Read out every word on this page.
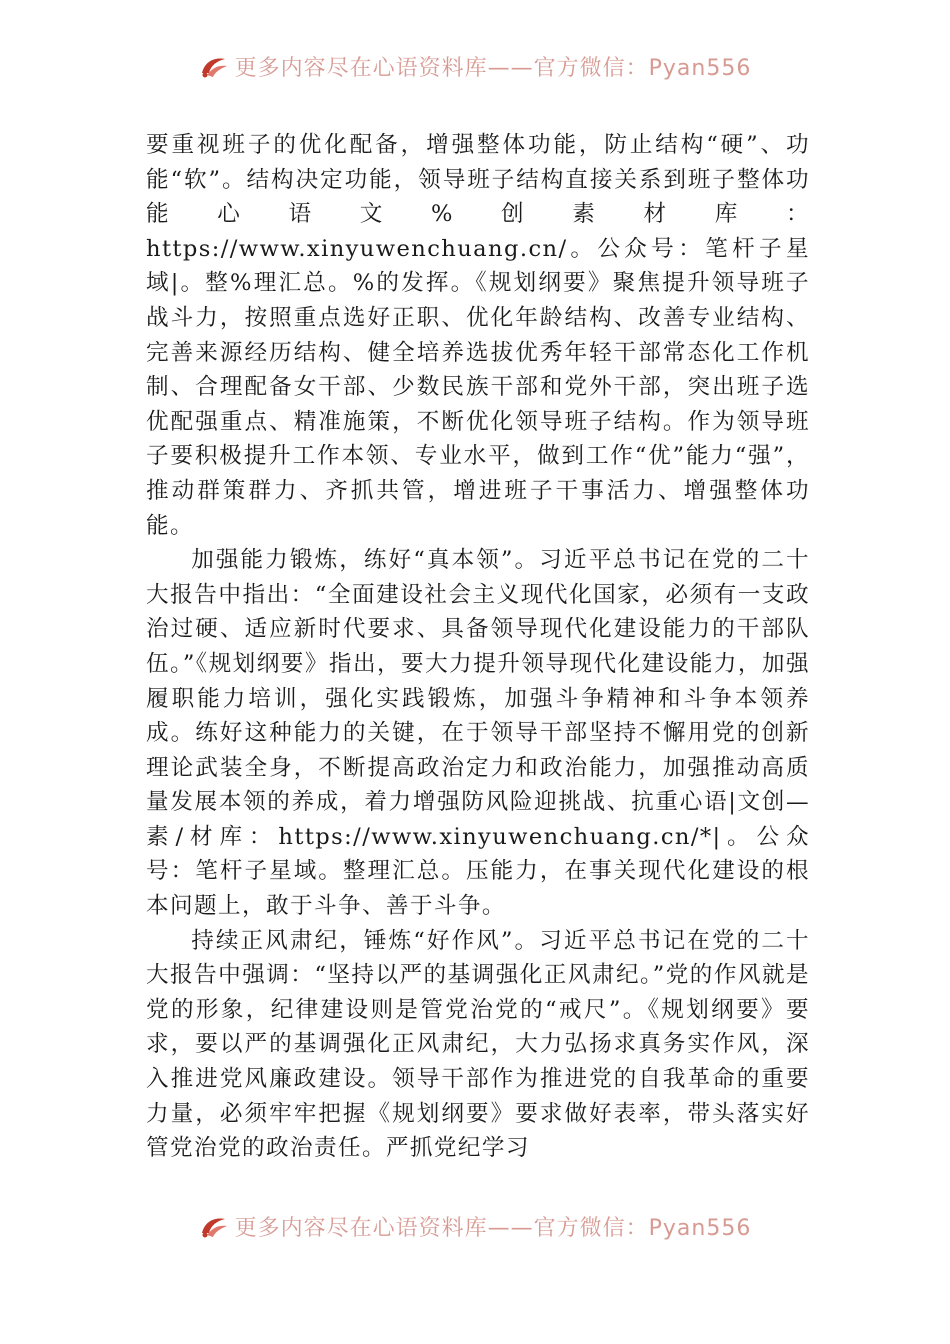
更多内容尽在心语资料库——官方微信：Pyan556

要重视班子的优化配备，增强整体功能，防止结构“硬”、功能“软”。结构决定功能，领导班子结构直接关系到班子整体功能心语文%创素材库：https://www.xinyuwenchuang.cn/。公众号：笔杆子星域|。整%理汇总。%的发挥。《规划纲要》聚焦提升领导班子战斗力，按照重点选好正职、优化年龄结构、改善专业结构、完善来源经历结构、健全培养选拔优秀年轻干部常态化工作机制、合理配备女干部、少数民族干部和党外干部，突出班子选优配强重点、精准施策，不断优化领导班子结构。作为领导班子要积极提升工作本领、专业水平，做到工作“优”能力“强”，推动群策群力、齐抓共管，增进班子干事活力、增强整体功能。

加强能力锻炼，练好“真本领”。习近平总书记在党的二十大报告中指出：“全面建设社会主义现代化国家，必须有一支政治过硬、适应新时代要求、具备领导现代化建设能力的干部队伍。”《规划纲要》指出，要大力提升领导现代化建设能力，加强履职能力培训，强化实践锻炼，加强斗争精神和斗争本领养成。练好这种能力的关键，在于领导干部坚持不懈用党的创新理论武装全身，不断提高政治定力和政治能力，加强推动高质量发展本领的养成，着力增强防风险迎挑战、抗重心语|文创—素/材库：https://www.xinyuwenchuang.cn/*|。公众号：笔杆子星域。整理汇总。压能力，在事关现代化建设的根本问题上，敢于斗争、善于斗争。

持续正风肃纪，锤炼“好作风”。习近平总书记在党的二十大报告中强调：“坚持以严的基调强化正风肃纪。”党的作风就是党的形象，纪律建设则是管党治党的“戒尺”。《规划纲要》要求，要以严的基调强化正风肃纪，大力弘扬求真务实作风，深入推进党风廉政建设。领导干部作为推进党的自我革命的重要力量，必须牢牢把握《规划纲要》要求做好表率，带头落实好管党治党的政治责任。严抓党纪学习

更多内容尽在心语资料库——官方微信：Pyan556
